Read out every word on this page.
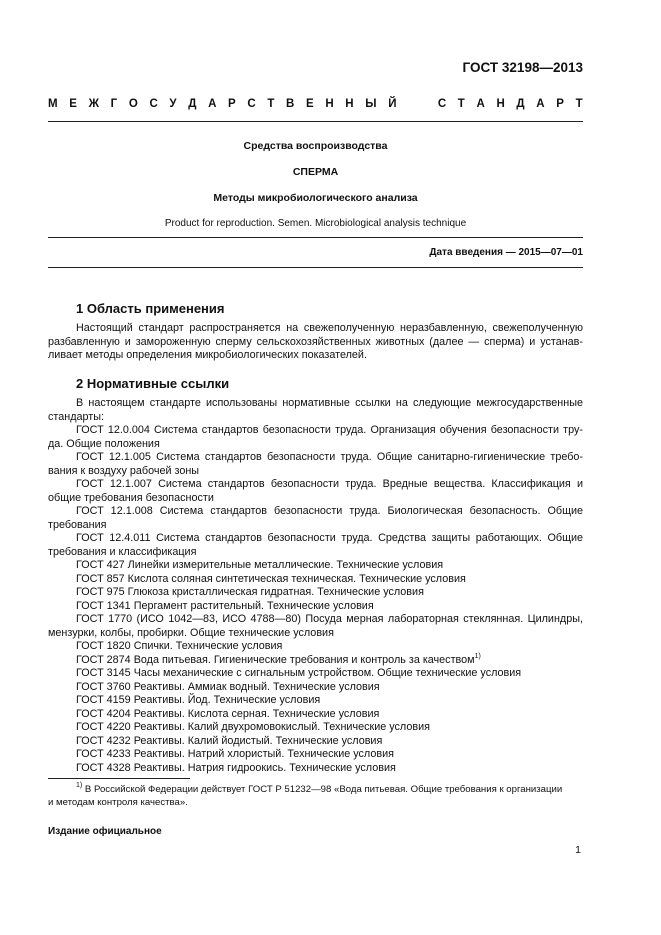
ГОСТ 32198—2013
М Е Ж Г О С У Д А Р С Т В Е Н Н Ы Й

	С Т А Н Д А Р Т
Средства воспроизводства
СПЕРМА
Методы микробиологического анализа
Product for reproduction. Semen. Microbiological analysis technique
Дата введения — 2015—07—01
1 Область применения
Настоящий стандарт распространяется на свежеполученную неразбавленную, свежеполученную
разбавленную и замороженную сперму сельскохозяйственных животных (далее — сперма) и устанав-
ливает методы определения микробиологических показателей.
2 Нормативные ссылки
В настоящем стандарте использованы нормативные ссылки на следующие межгосударственные
стандарты:
ГОСТ 12.0.004 Система стандартов безопасности труда. Организация обучения безопасности тру-
да. Общие положения
ГОСТ 12.1.005 Система стандартов безопасности труда. Общие санитарно-гигиенические требо-
вания к воздуху рабочей зоны
ГОСТ 12.1.007 Система стандартов безопасности труда. Вредные вещества. Классификация и
общие требования безопасности
ГОСТ 12.1.008 Система стандартов безопасности труда. Биологическая безопасность. Общие
требования
ГОСТ 12.4.011 Система стандартов безопасности труда. Средства защиты работающих. Общие
требования и классификация
ГОСТ 427 Линейки измерительные металлические. Технические условия
ГОСТ 857 Кислота соляная синтетическая техническая. Технические условия
ГОСТ 975 Глюкоза кристаллическая гидратная. Технические условия
ГОСТ 1341 Пергамент растительный. Технические условия
ГОСТ 1770 (ИСО 1042—83, ИСО 4788—80) Посуда мерная лабораторная стеклянная. Цилиндры,
мензурки, колбы, пробирки. Общие технические условия
ГОСТ 1820 Спички. Технические условия
ГОСТ 2874 Вода питьевая. Гигиенические требования и контроль за качеством$^{1)}$
ГОСТ 3145 Часы механические с сигнальным устройством. Общие технические условия
ГОСТ 3760 Реактивы. Аммиак водный. Технические условия
ГОСТ 4159 Реактивы. Йод. Технические условия
ГОСТ 4204 Реактивы. Кислота серная. Технические условия
ГОСТ 4220 Реактивы. Калий двухромовокислый. Технические условия
ГОСТ 4232 Реактивы. Калий йодистый. Технические условия
ГОСТ 4233 Реактивы. Натрий хлористый. Технические условия
ГОСТ 4328 Реактивы. Натрия гидроокись. Технические условия
$^{1)}$ В Российской Федерации действует ГОСТ Р 51232—98 «Вода питьевая. Общие требования к организации
и методам контроля качества».
Издание официальное
1
